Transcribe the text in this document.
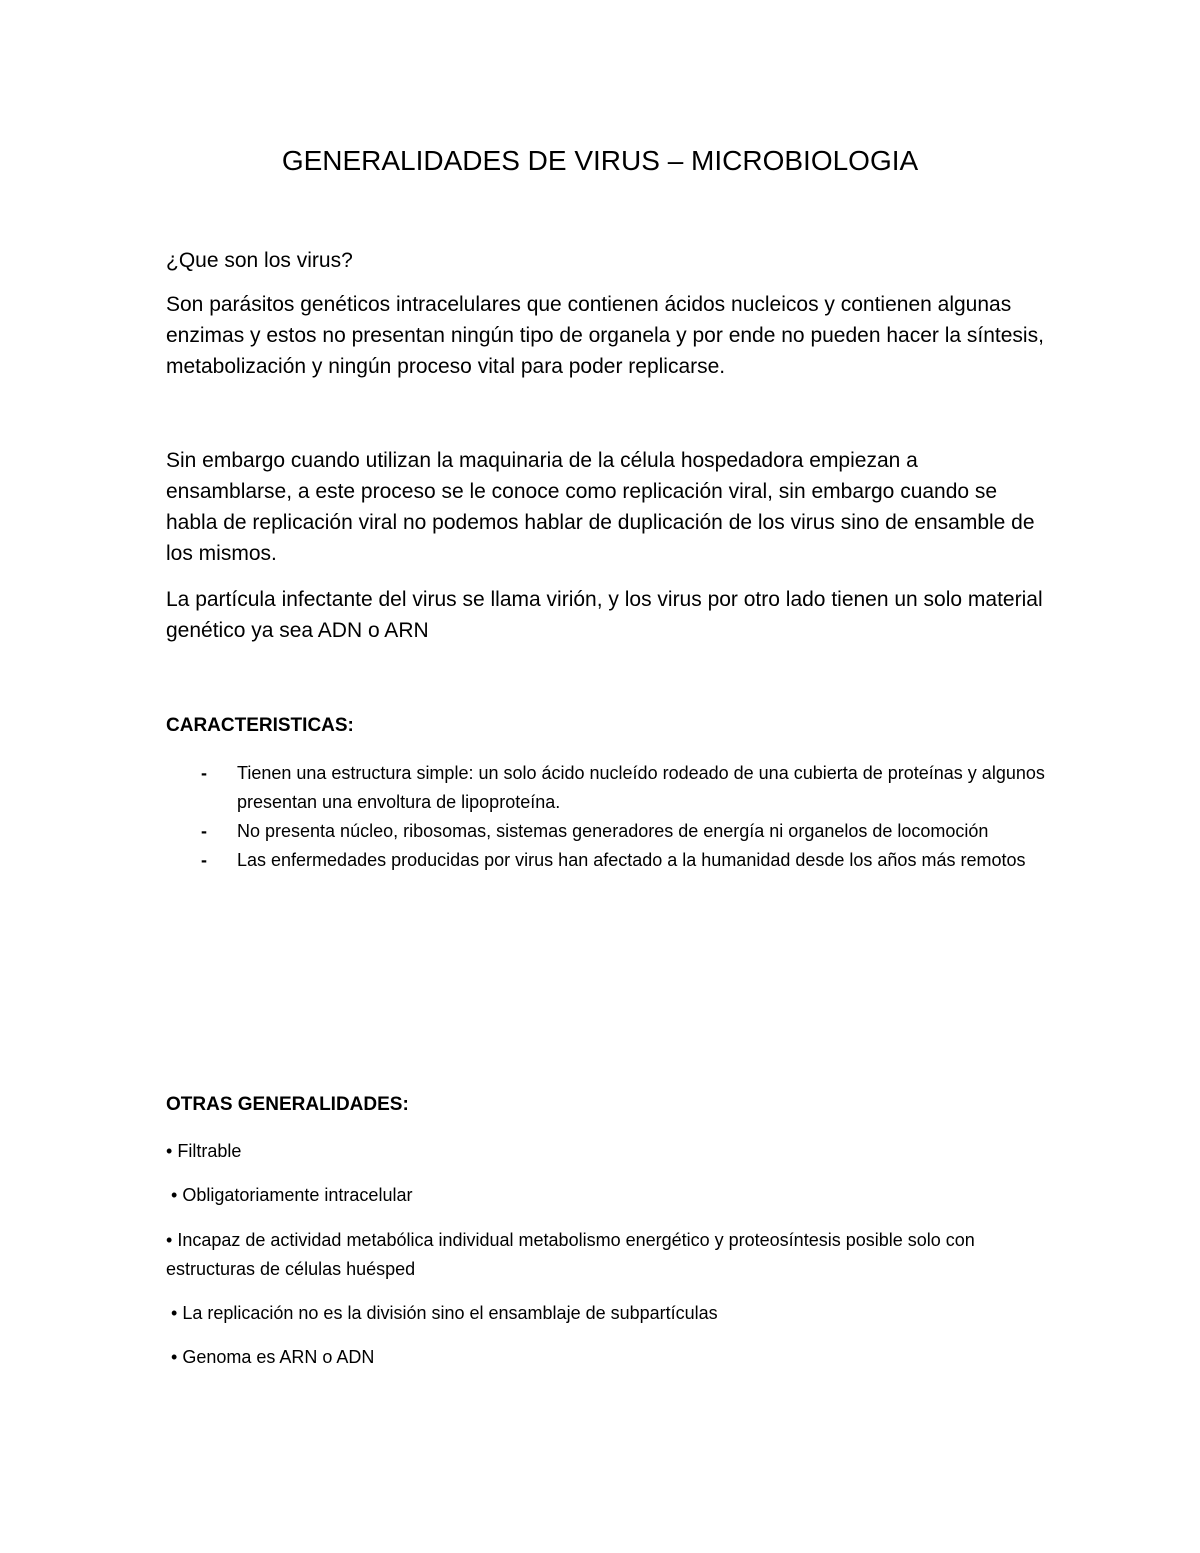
GENERALIDADES DE VIRUS – MICROBIOLOGIA

¿Que son los virus?

Son parásitos genéticos intracelulares que contienen ácidos nucleicos y contienen algunas enzimas y estos no presentan ningún tipo de organela y por ende no pueden hacer la síntesis, metabolización y ningún proceso vital para poder replicarse.

Sin embargo cuando utilizan la maquinaria de la célula hospedadora empiezan a ensamblarse, a este proceso se le conoce como replicación viral, sin embargo cuando se habla de replicación viral no podemos hablar de duplicación de los virus sino de ensamble de los mismos.

La partícula infectante del virus se llama virión, y los virus por otro lado tienen un solo material genético ya sea ADN o ARN

CARACTERISTICAS:

- Tienen una estructura simple: un solo ácido nucleído rodeado de una cubierta de proteínas y algunos presentan una envoltura de lipoproteína.
- No presenta núcleo, ribosomas, sistemas generadores de energía ni organelos de locomoción
- Las enfermedades producidas por virus han afectado a la humanidad desde los años más remotos

OTRAS GENERALIDADES:

• Filtrable
• Obligatoriamente intracelular
• Incapaz de actividad metabólica individual metabolismo energético y proteosíntesis posible solo con estructuras de células huésped
• La replicación no es la división sino el ensamblaje de subpartículas
• Genoma es ARN o ADN
